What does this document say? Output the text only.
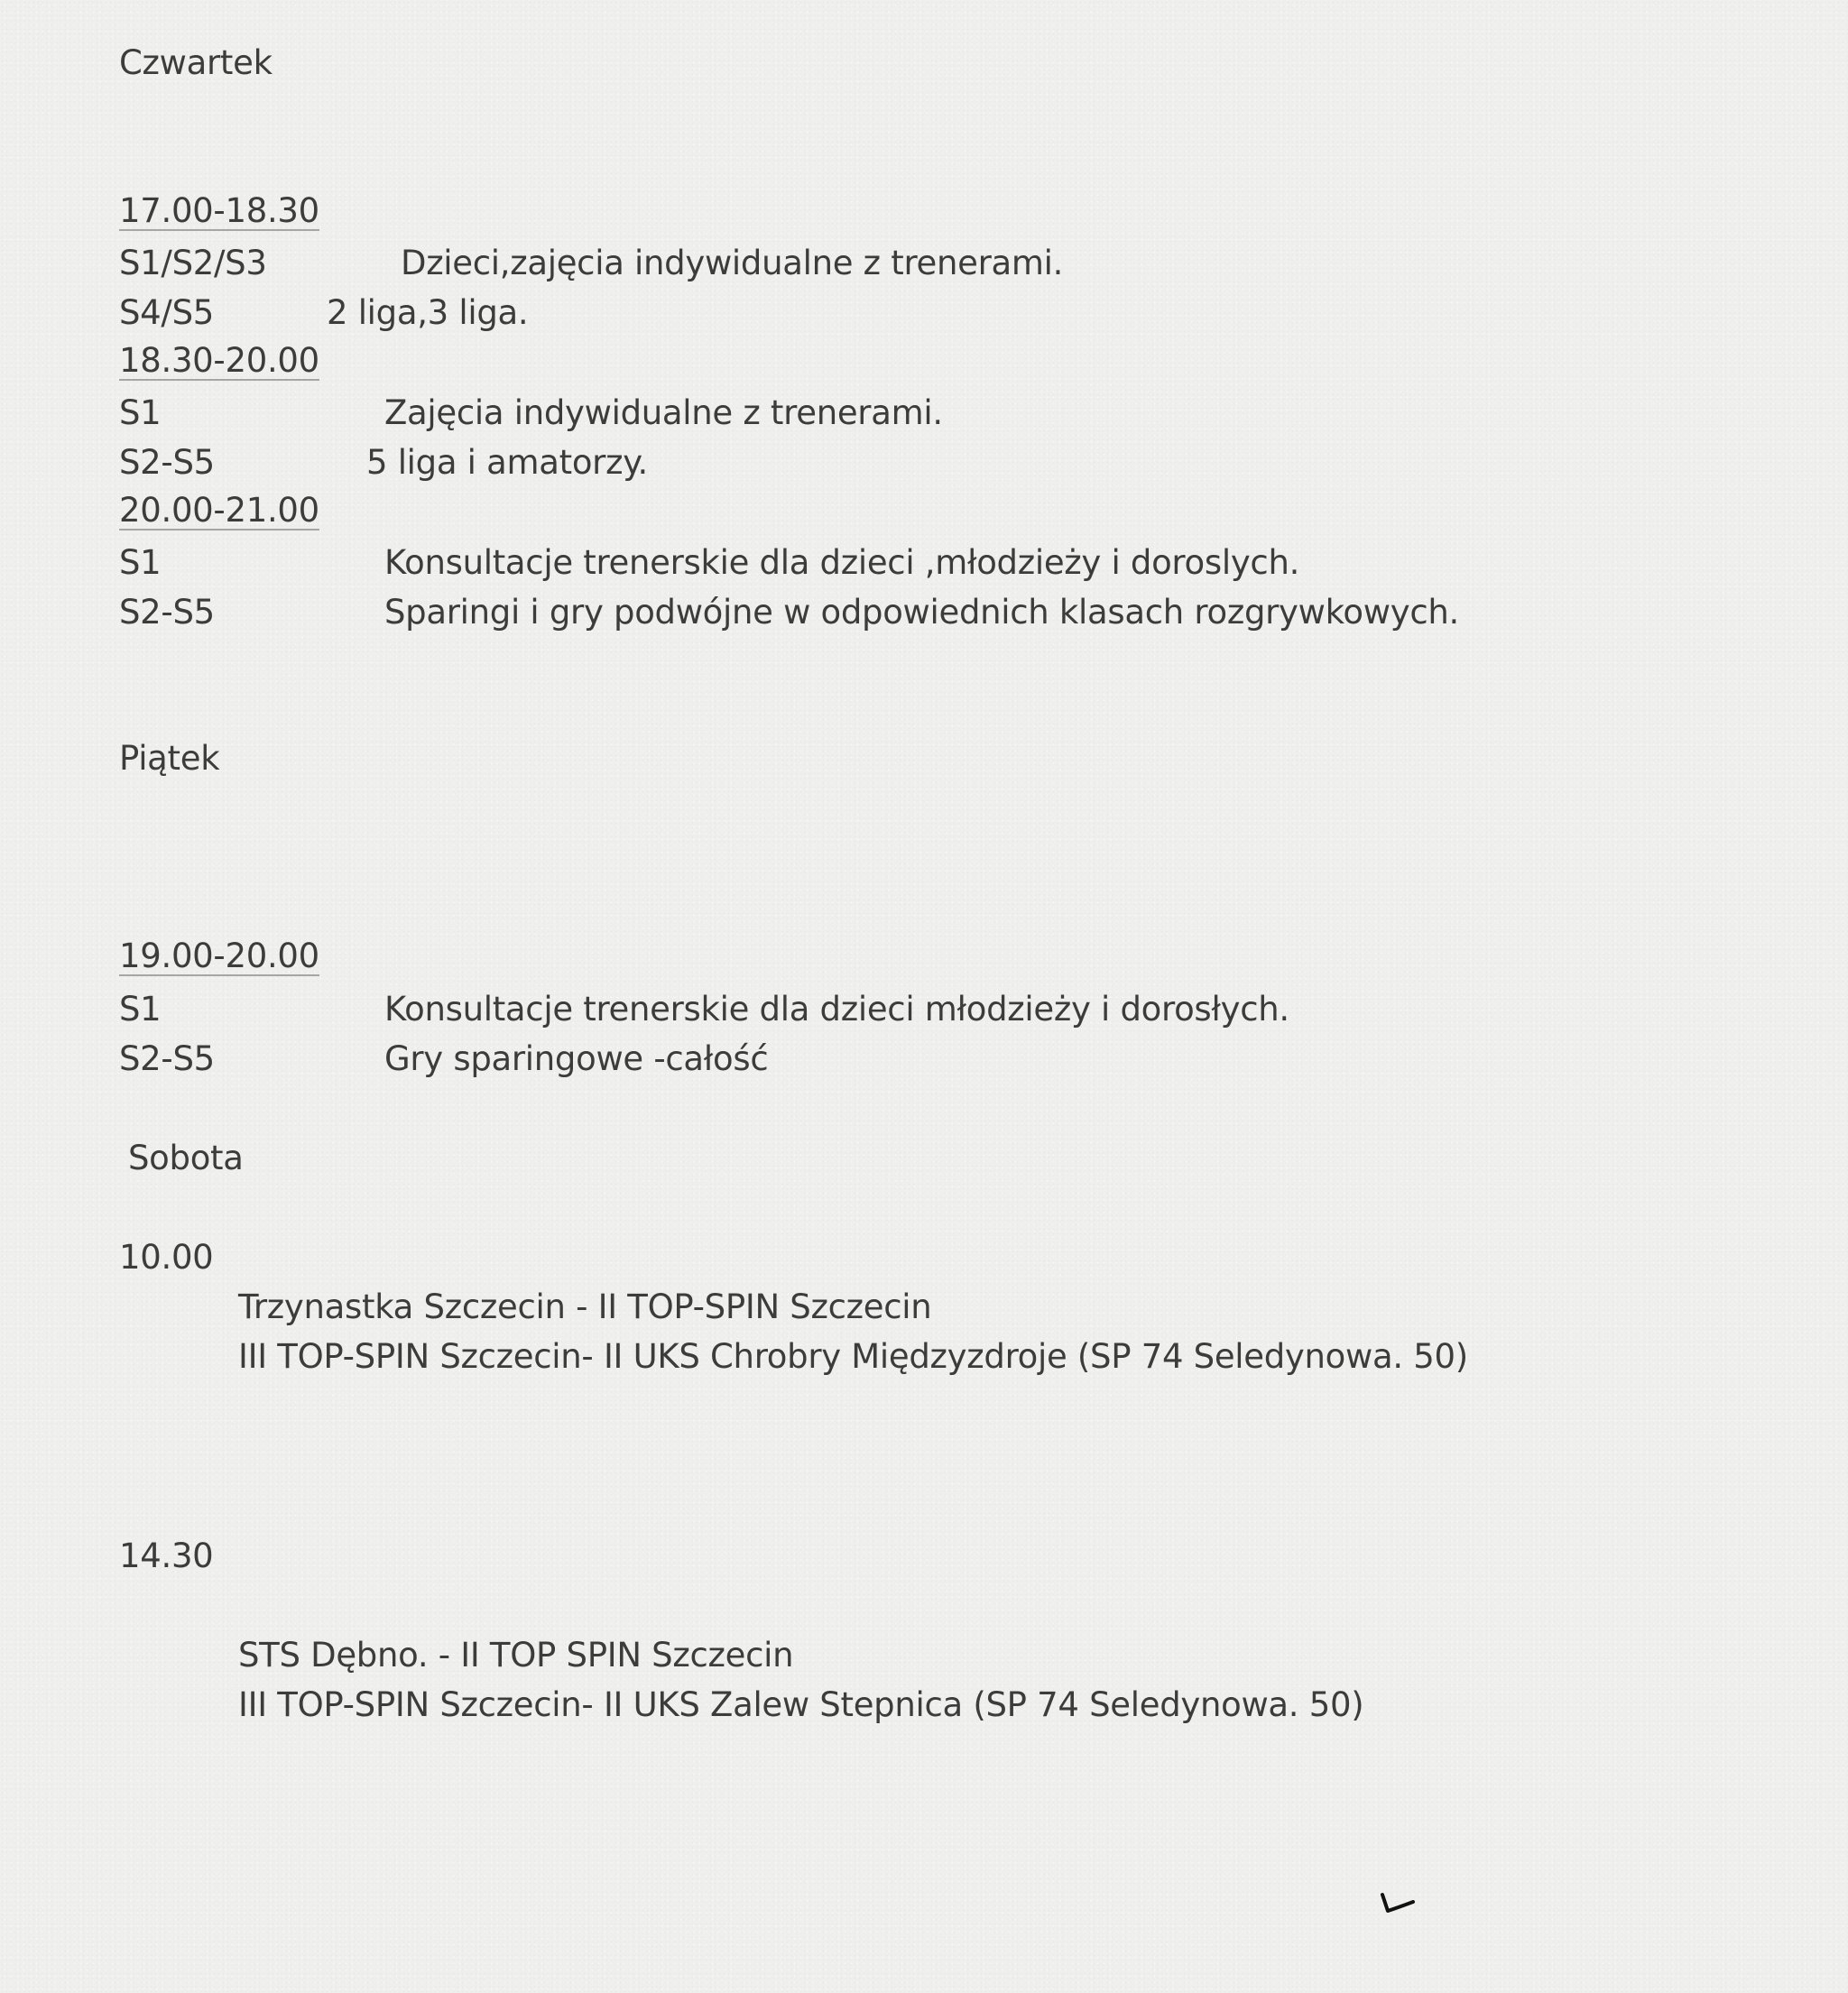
Czwartek
17.00-18.30
S1/S2/S3	Dzieci,zajęcia indywidualne z trenerami.
S4/S5	2 liga,3 liga.
18.30-20.00
S1	Zajęcia indywidualne z trenerami.
S2-S5	5 liga i amatorzy.
20.00-21.00
S1	Konsultacje trenerskie dla dzieci ,młodzieży i doroslych.
S2-S5	Sparingi i gry podwójne w odpowiednich klasach rozgrywkowych.
Piątek
19.00-20.00
S1	Konsultacje trenerskie dla dzieci młodzieży i dorosłych.
S2-S5	Gry sparingowe -całość
Sobota
10.00
Trzynastka Szczecin - II TOP-SPIN Szczecin
III TOP-SPIN Szczecin- II UKS Chrobry Międzyzdroje (SP 74 Seledynowa. 50)
14.30
STS Dębno. - II TOP SPIN Szczecin
III TOP-SPIN Szczecin- II UKS Zalew Stepnica (SP 74 Seledynowa. 50)
